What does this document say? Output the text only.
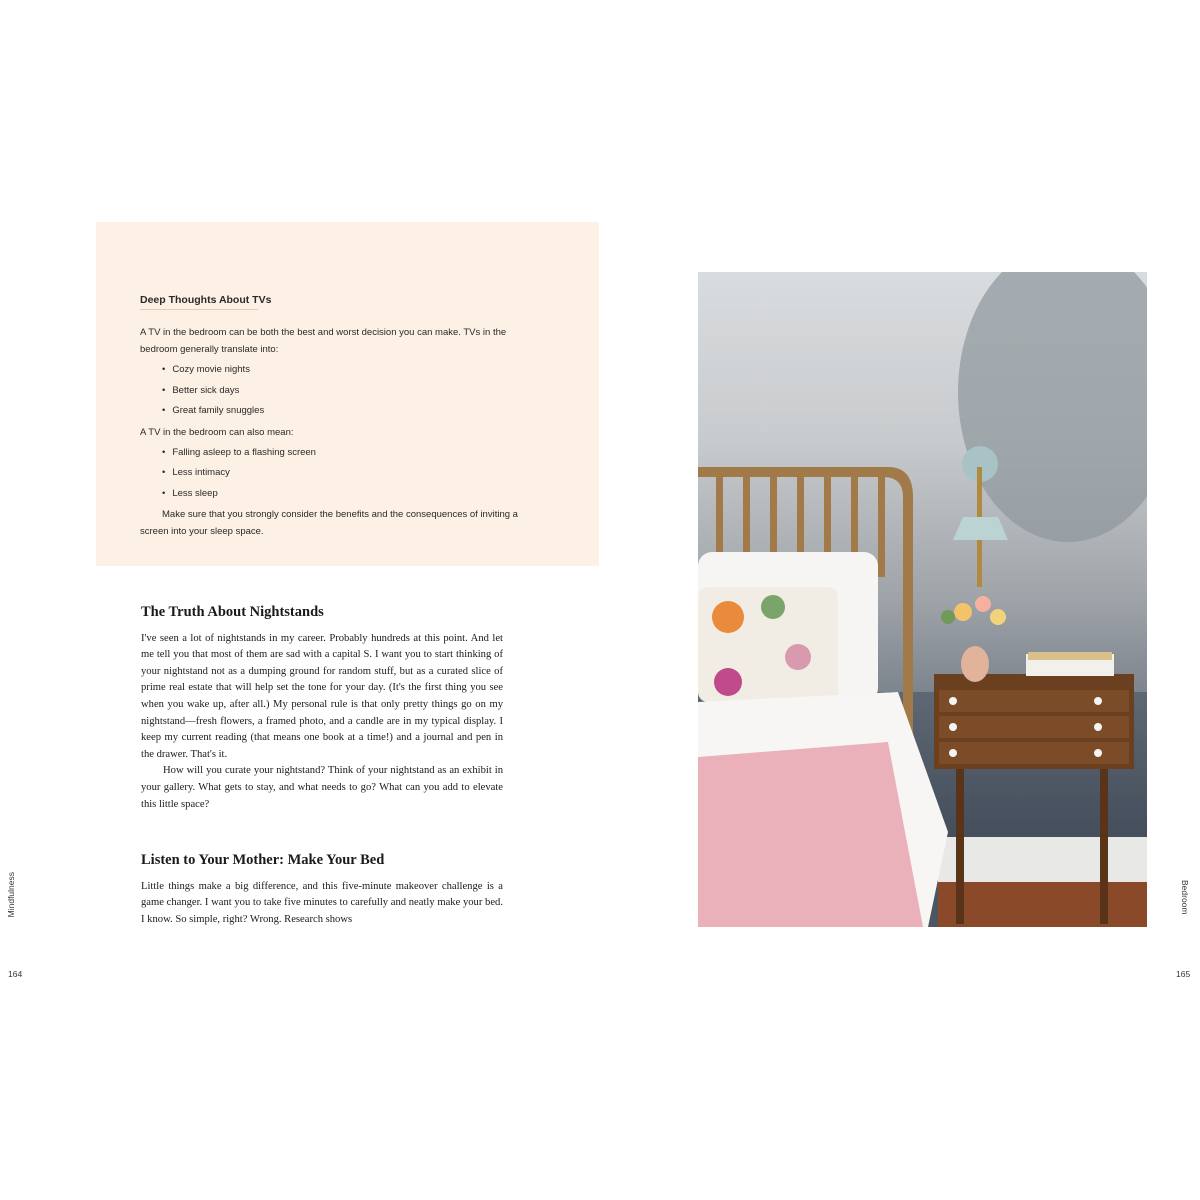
Deep Thoughts About TVs

A TV in the bedroom can be both the best and worst decision you can make. TVs in the bedroom generally translate into:

• Cozy movie nights
• Better sick days
• Great family snuggles

A TV in the bedroom can also mean:

• Falling asleep to a flashing screen
• Less intimacy
• Less sleep

Make sure that you strongly consider the benefits and the consequences of inviting a screen into your sleep space.

The Truth About Nightstands

I've seen a lot of nightstands in my career. Probably hundreds at this point. And let me tell you that most of them are sad with a capital S. I want you to start thinking of your nightstand not as a dumping ground for random stuff, but as a curated slice of prime real estate that will help set the tone for your day. (It's the first thing you see when you wake up, after all.) My personal rule is that only pretty things go on my nightstand—fresh flowers, a framed photo, and a candle are in my typical display. I keep my current reading (that means one book at a time!) and a journal and pen in the drawer. That's it.

How will you curate your nightstand? Think of your nightstand as an exhibit in your gallery. What gets to stay, and what needs to go? What can you add to elevate this little space?

Listen to Your Mother: Make Your Bed

Little things make a big difference, and this five-minute makeover challenge is a game changer. I want you to take five minutes to carefully and neatly make your bed. I know. So simple, right? Wrong. Research shows

Mindfulness
164
Bedroom
165
